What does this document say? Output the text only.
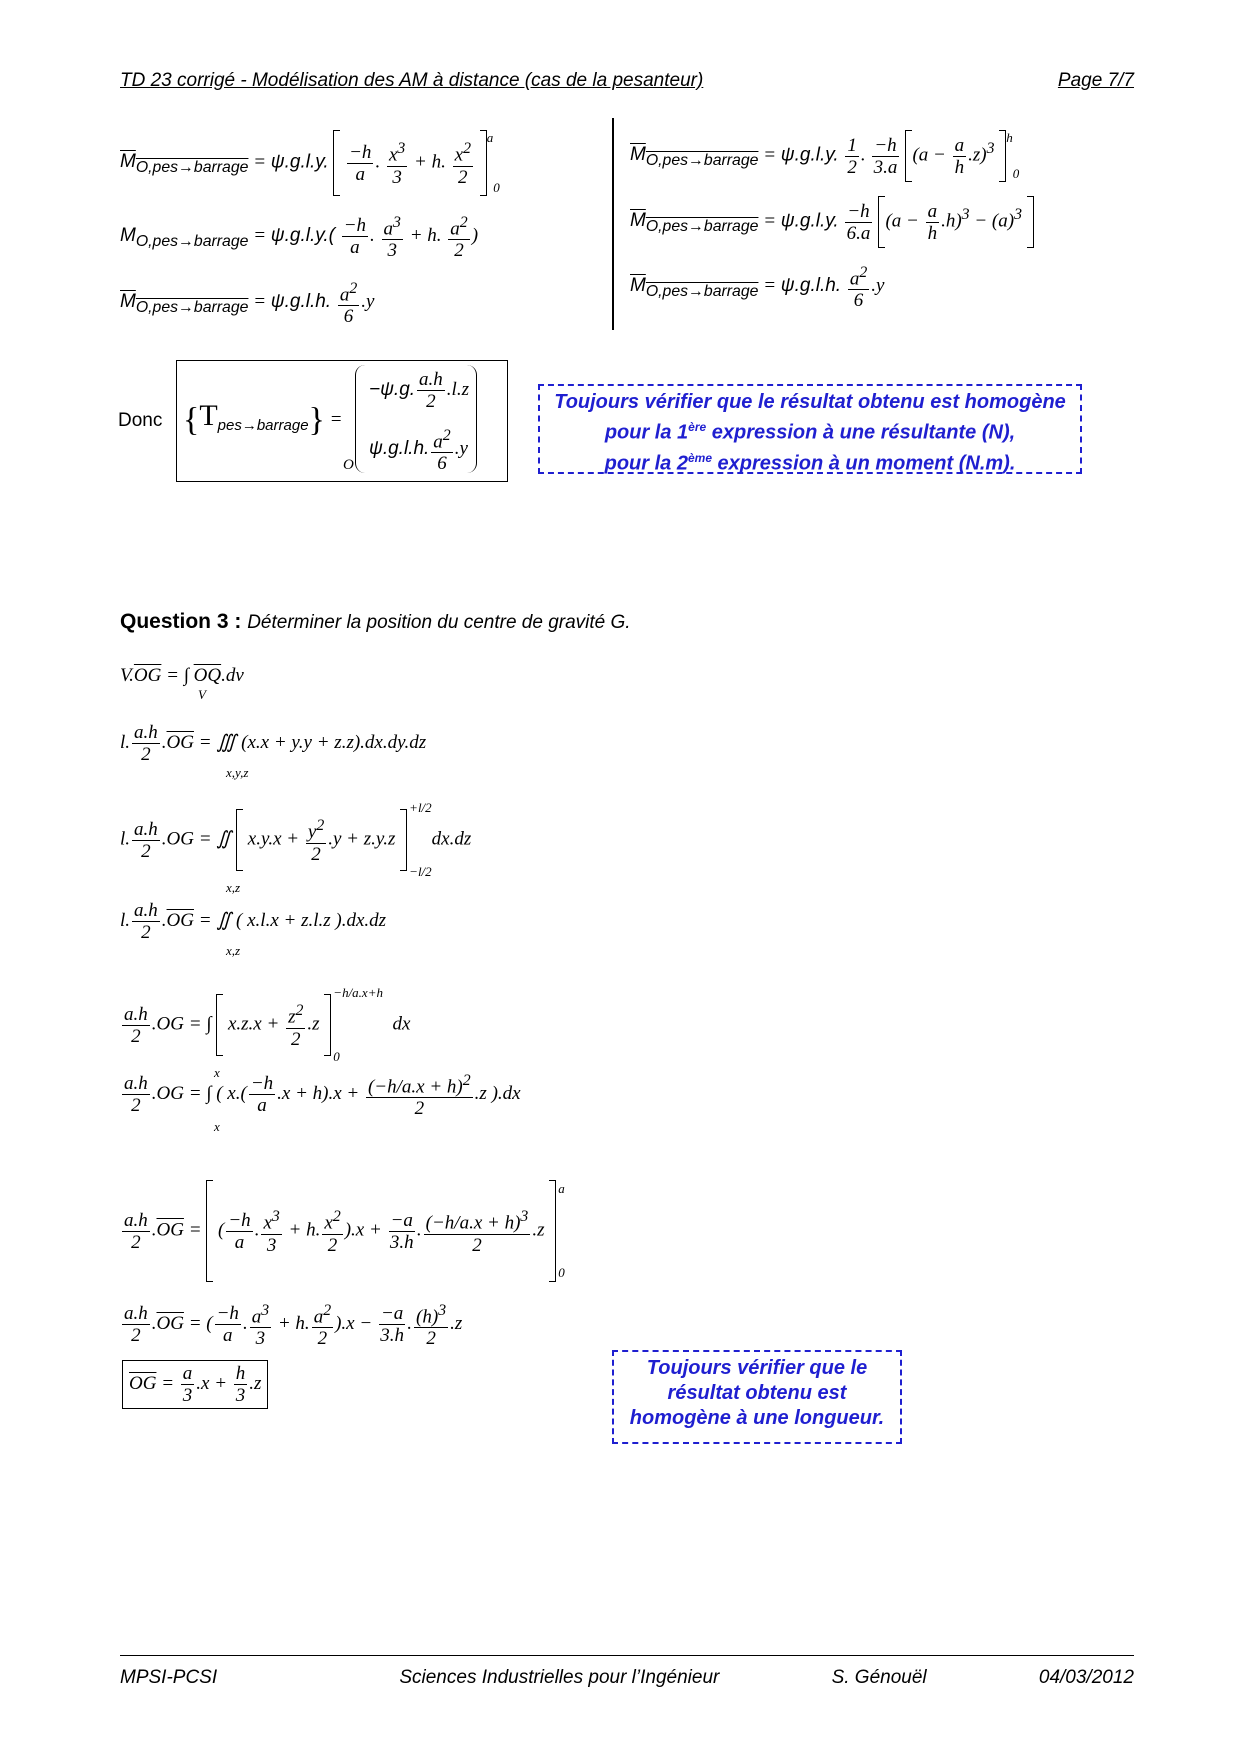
TD 23 corrigé - Modélisation des AM à distance (cas de la pesanteur)	Page 7/7
$M_{O,pes\to barrage} = \psi.g.l.y$. $\frac{-h}{a}$ . $\frac{x^3}{3} + h$. $\frac{x^2}{2}$
$^a$0
$M_{O,pes\to barrage} = \psi.g.l.y.( \frac{-h}{a}$ . $\frac{a^3}{3} + h$. $\frac{a^2}{2}$ )
$M_{O,pes\to barrage} = \psi.g.l.h$. $\frac{a^2}{6} .y$
$M_{O,pes\to barrage} = \psi.g.l.y$. $\frac{1}{2}$ . $\frac{-h}{3.a} (a - \frac{a}{h} .z)^3$ $^h$0
$M_{O,pes\to barrage} = \psi.g.l.y$. $\frac{-h}{6.a} (a - \frac{a}{h} .h)^3 - (a)^3$
$M_{O,pes\to barrage} = \psi.g.l.h$. $\frac{a^2}{6} .y$
Donc $\{T_{pes\to barrage}\}$ =
−ψ.g. $\frac{a.h}{2} .l.z$
ψ.g.l.h. $\frac{a^2}{6} .y$
O
Toujours vérifier que le résultat obtenu est homogène
pour la 1ère expression à une résultante (N),
pour la 2ème expression à un moment (N.m).
Question 3 : Déterminer la position du centre de gravité G.
$V.\overline{OG}$ = ∫ $\overline{OQ}.dv$
V
l. $\frac{a.h}{2} .\overline{OG}$ = ∭ (x.x + y.y + z.z).dx.dy.dz
x,y,z
l. $\frac{a.h}{2} .OG$ = ∬  $x.y.x + \frac{y^2}{2} .y + z.y.z$
+l/2
−l/2
dx.dz
x,z
l. $\frac{a.h}{2} .\overline{OG}$ = ∬ ( x.l.x + z.l.z ).dx.dz
x,z
$\frac{a.h}{2} .OG$ = ∫  $x.z.x + \frac{z^2}{2} .z$
−h/a.x+h
0
dx
x
$\frac{a.h}{2} .OG$ = ∫ ( $x.( \frac{-h}{a} .x + h).x + \frac{(-h/a.x + h)^2}{2} .z$ ).dx
x
$\frac{a.h}{2} .\overline{OG}$ =  ( $\frac{-h}{a}$ . $\frac{x^3}{3} + h$. $\frac{x^2}{2} ).x + \frac{-a}{3.h}$ . $\frac{(-h/a.x + h)^3}{2} .z$
a
0
$\frac{a.h}{2} .\overline{OG}$ = ( $\frac{-h}{a}$ . $\frac{a^3}{3} + h$. $\frac{a^2}{2} ).x - \frac{-a}{3.h}$ . $\frac{(h)^3}{2} .z$
$\overline{OG} = \frac{a}{3} .x + \frac{h}{3} .z$
Toujours vérifier que le
résultat obtenu est
homogène à une longueur.
MPSI-PCSI	Sciences Industrielles pour l’Ingénieur	S. Génouël	04/03/2012
